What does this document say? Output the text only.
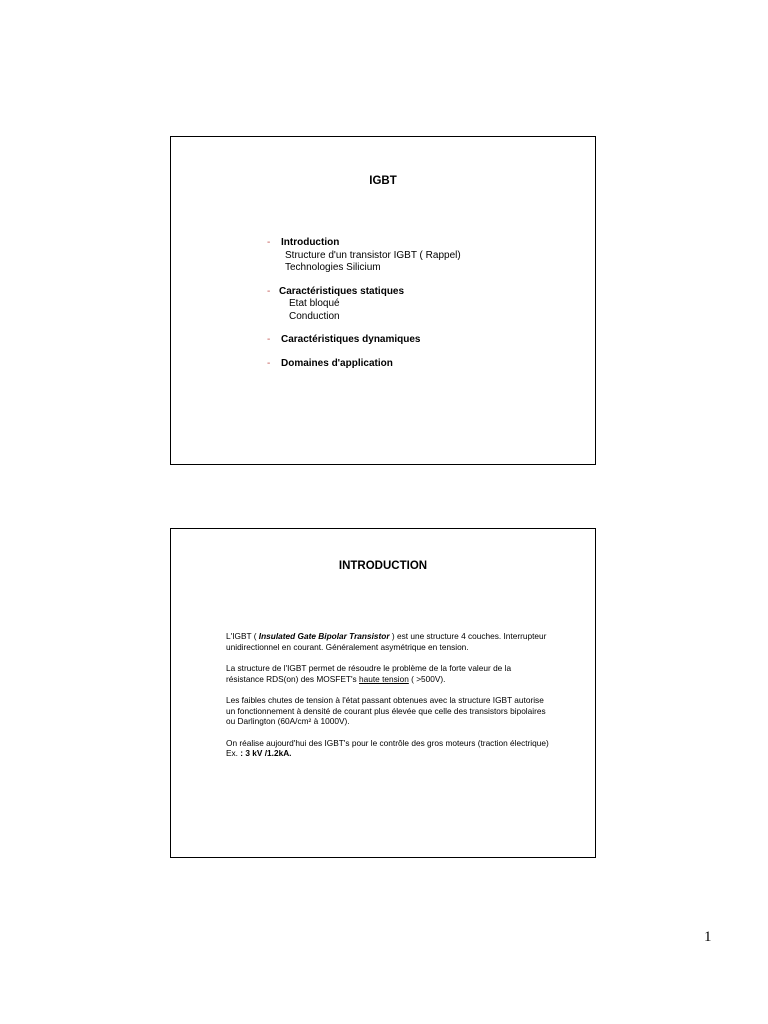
IGBT
- Introduction
Structure d'un transistor IGBT ( Rappel)
Technologies Silicium
- Caractéristiques statiques
Etat bloqué
Conduction
- Caractéristiques dynamiques
- Domaines d'application
INTRODUCTION

L'IGBT ( Insulated Gate Bipolar Transistor ) est une structure 4 couches. Interrupteur unidirectionnel en courant. Généralement asymétrique en tension.

La structure de l'IGBT permet de résoudre le problème de la forte valeur de la résistance RDS(on) des MOSFET's haute tension ( >500V).

Les faibles chutes de tension à l'état passant obtenues avec la structure IGBT autorise un fonctionnement à densité de courant plus élevée que celle des transistors bipolaires ou Darlington (60A/cm² à 1000V).

On réalise aujourd'hui des IGBT's pour le contrôle des gros moteurs (traction électrique) Ex. : 3 kV /1.2kA.

1
